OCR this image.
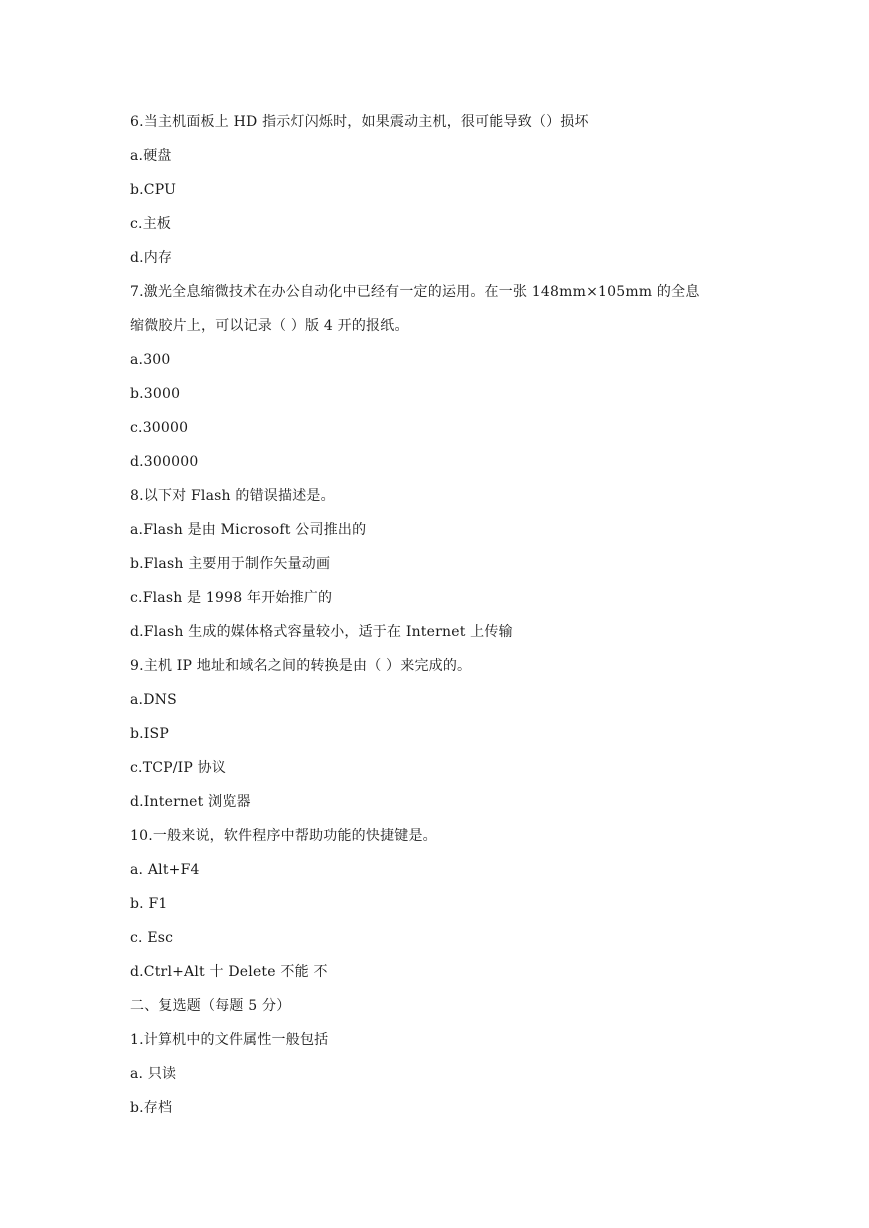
6.当主机面板上 HD 指示灯闪烁时，如果震动主机，很可能导致（）损坏
a.硬盘
b.CPU
c.主板
d.内存
7.激光全息缩微技术在办公自动化中已经有一定的运用。在一张 148mm×105mm 的全息
缩微胶片上，可以记录（ ）版 4 开的报纸。
a.300
b.3000
c.30000
d.300000
8.以下对 Flash 的错误描述是。
a.Flash 是由 Microsoft 公司推出的
b.Flash 主要用于制作矢量动画
c.Flash 是 1998 年开始推广的
d.Flash 生成的媒体格式容量较小，适于在 Internet 上传输
9.主机 IP 地址和域名之间的转换是由（ ）来完成的。
a.DNS
b.ISP
c.TCP/IP 协议
d.Internet 浏览器
10.一般来说，软件程序中帮助功能的快捷键是。
a. Alt+F4
b. F1
c. Esc
d.Ctrl+Alt 十 Delete 不能 不
二、复选题（每题 5 分）
1.计算机中的文件属性一般包括
a. 只读
b.存档
